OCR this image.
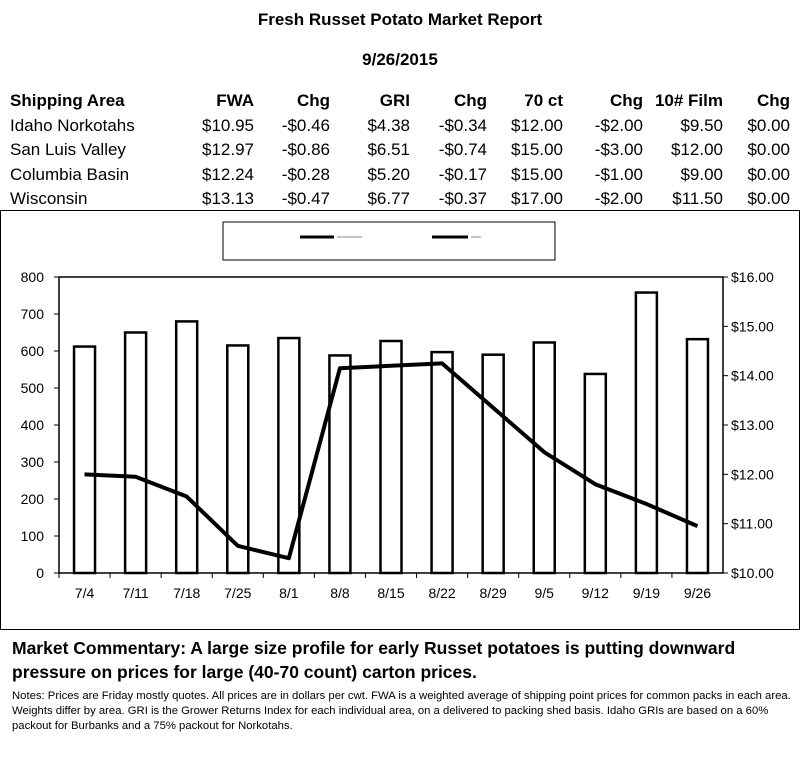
Fresh Russet Potato Market Report
9/26/2015
Shipping Area	FWA	Chg	GRI	Chg	70 ct	Chg	10# Film	Chg
Idaho Norkotahs	$10.95	-$0.46	$4.38	-$0.34	$12.00	-$2.00	$9.50	$0.00
San Luis Valley	$12.97	-$0.86	$6.51	-$0.74	$15.00	-$3.00	$12.00	$0.00
Columbia Basin	$12.24	-$0.28	$5.20	-$0.17	$15.00	-$1.00	$9.00	$0.00
Wisconsin	$13.13	-$0.47	$6.77	-$0.37	$17.00	-$2.00	$11.50	$0.00
0
100
200
300
400
500
600
700
800
$10.00
$11.00
$12.00
$13.00
$14.00
$15.00
$16.00
7/4 7/11 7/18 7/25 8/1 8/8 8/15 8/22 8/29 9/5 9/12 9/19 9/26
Market Commentary: A large size profile for early Russet potatoes is putting downward pressure on prices for large (40-70 count) carton prices.
Notes: Prices are Friday mostly quotes. All prices are in dollars per cwt. FWA is a weighted average of shipping point prices for common packs in each area. Weights differ by area. GRI is the Grower Returns Index for each individual area, on a delivered to packing shed basis. Idaho GRIs are based on a 60% packout for Burbanks and a 75% packout for Norkotahs.
